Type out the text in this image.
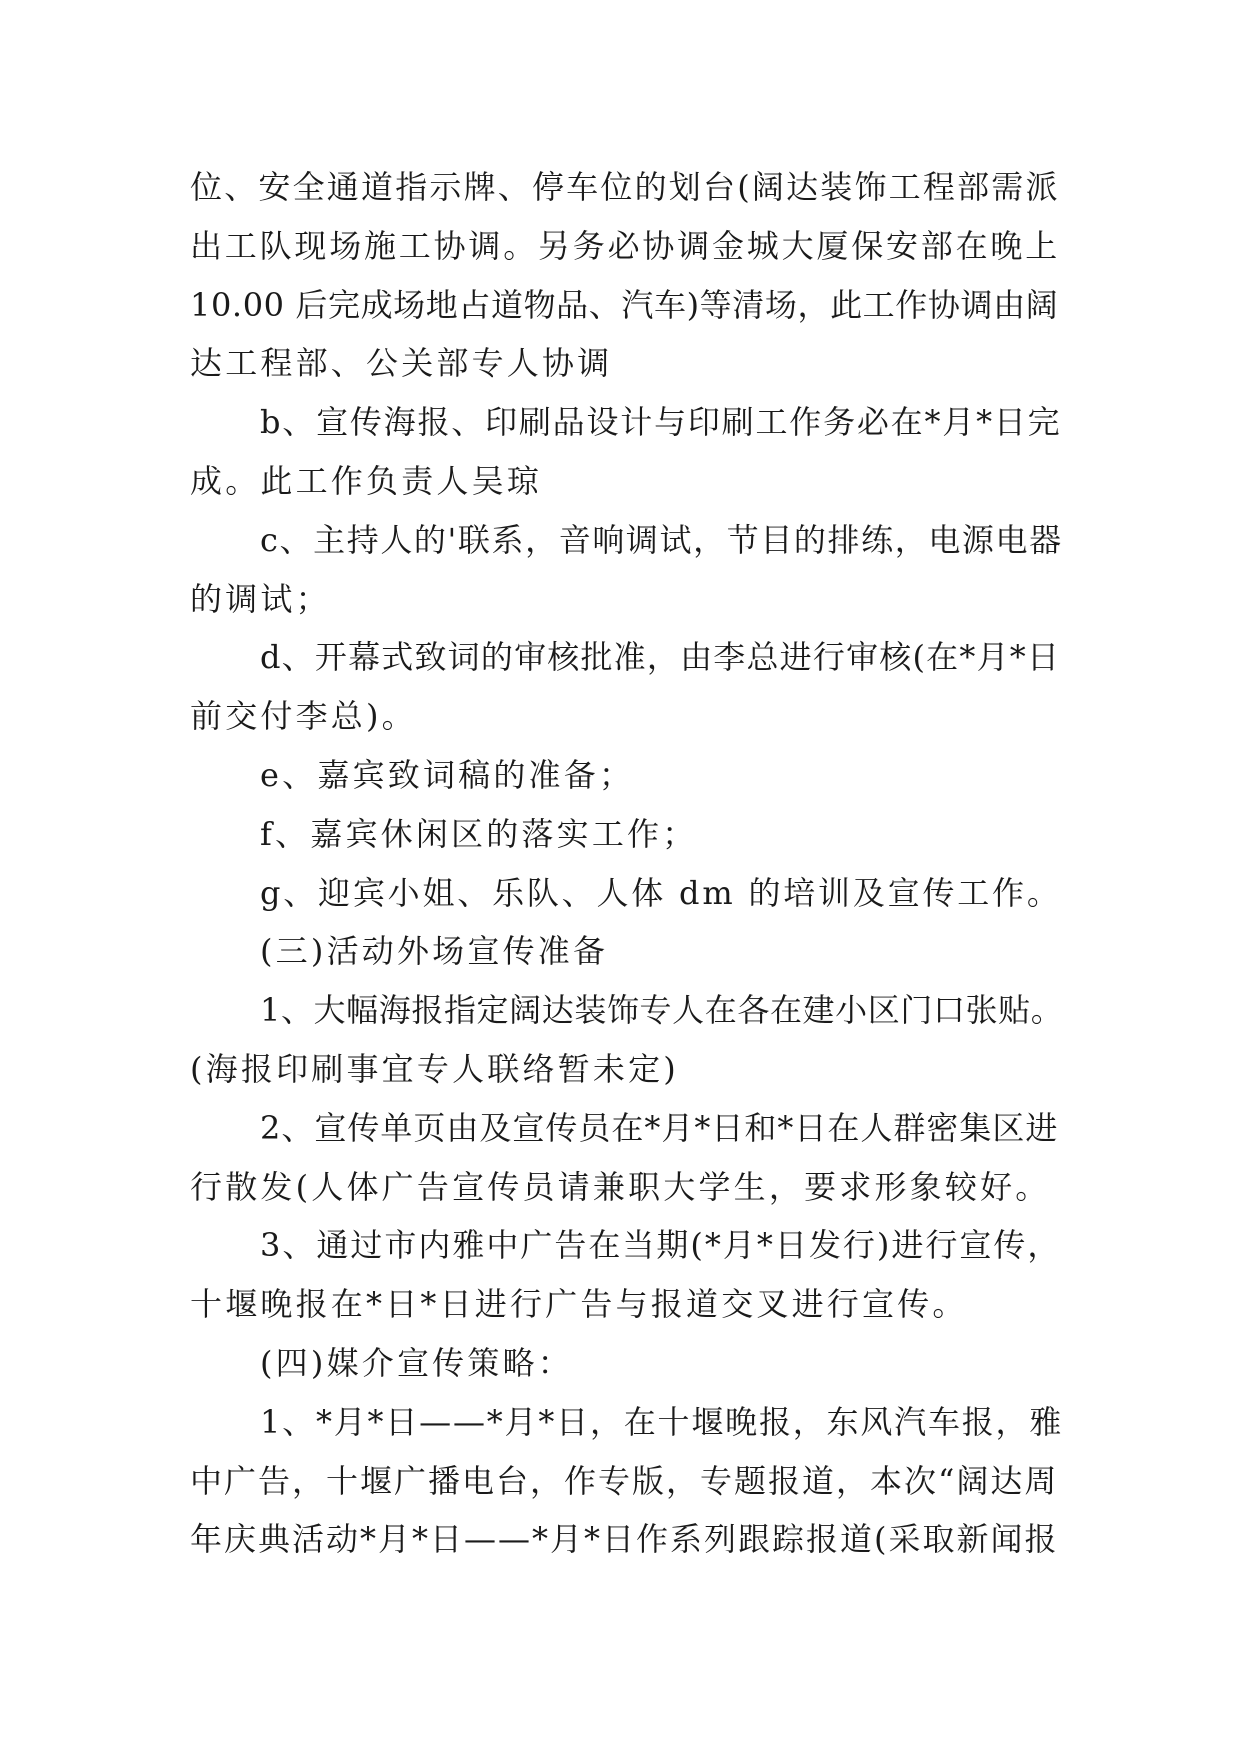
位、安全通道指示牌、停车位的划台(阔达装饰工程部需派
出工队现场施工协调。另务必协调金城大厦保安部在晚上
10.00 后完成场地占道物品、汽车)等清场，此工作协调由阔
达工程部、公关部专人协调
b、宣传海报、印刷品设计与印刷工作务必在*月*日完
成。此工作负责人吴琼
c、主持人的'联系，音响调试，节目的排练，电源电器
的调试；
d、开幕式致词的审核批准，由李总进行审核(在*月*日
前交付李总)。
e、嘉宾致词稿的准备；
f、嘉宾休闲区的落实工作；
g、迎宾小姐、乐队、人体 dm 的培训及宣传工作。
(三)活动外场宣传准备
1、大幅海报指定阔达装饰专人在各在建小区门口张贴。
(海报印刷事宜专人联络暂未定)
2、宣传单页由及宣传员在*月*日和*日在人群密集区进
行散发(人体广告宣传员请兼职大学生，要求形象较好。
3、通过市内雅中广告在当期(*月*日发行)进行宣传，
十堰晚报在*日*日进行广告与报道交叉进行宣传。
(四)媒介宣传策略：
1、*月*日——*月*日，在十堰晚报，东风汽车报，雅
中广告，十堰广播电台，作专版，专题报道，本次“阔达周
年庆典活动*月*日——*月*日作系列跟踪报道(采取新闻报
